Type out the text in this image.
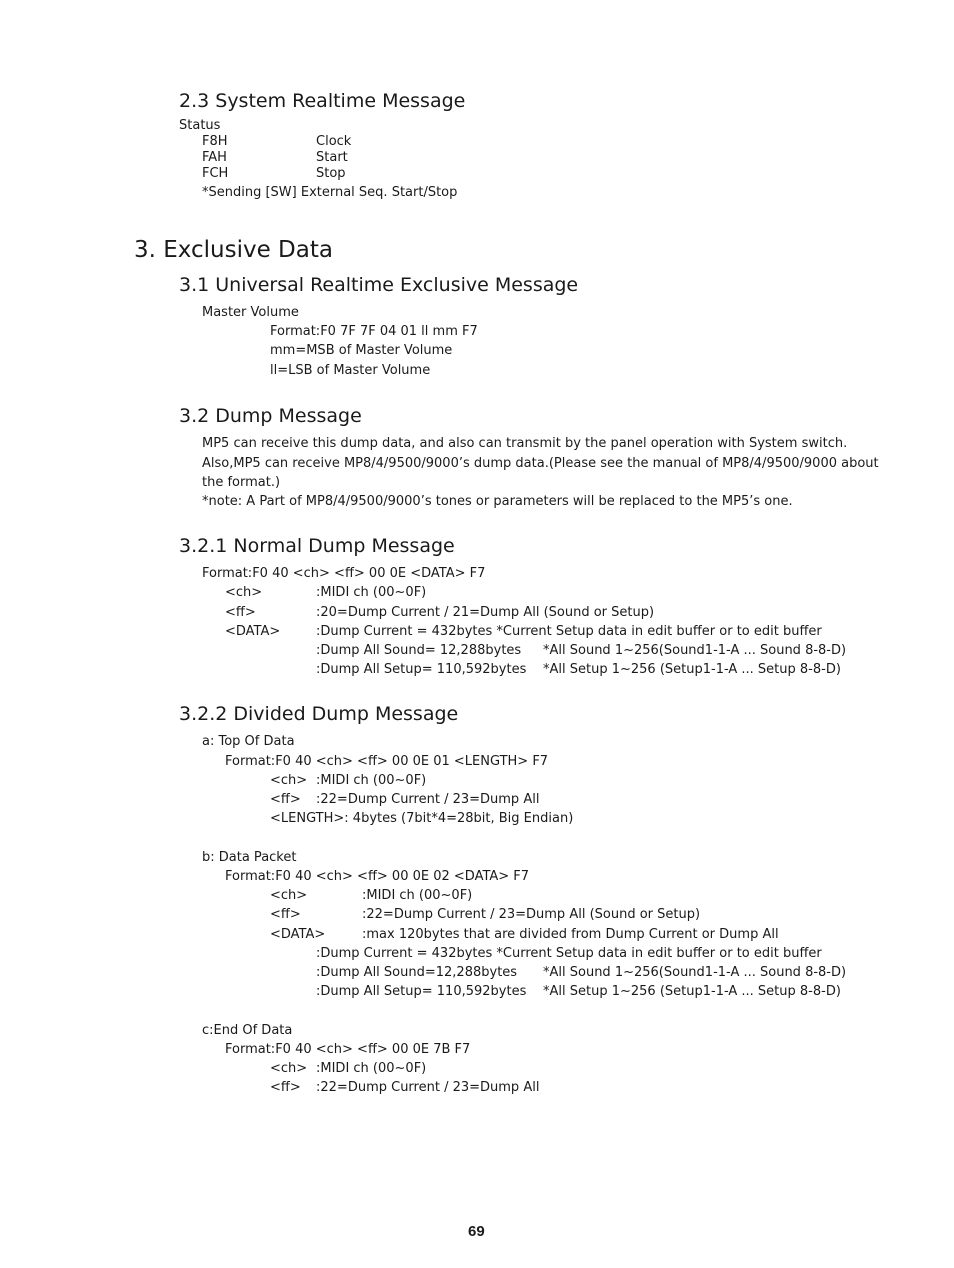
2.3 System Realtime Message
Status
F8H	Clock
FAH	Start
FCH	Stop
*Sending [SW] External Seq. Start/Stop
3. Exclusive Data
3.1 Universal Realtime Exclusive Message
Master Volume
Format:F0 7F 7F 04 01 ll mm F7
mm=MSB of Master Volume
ll=LSB of Master Volume
3.2 Dump Message
MP5 can receive this dump data, and also can transmit by the panel operation with System switch.
Also,MP5 can receive MP8/4/9500/9000’s dump data.(Please see the manual of MP8/4/9500/9000 about
the format.)
*note: A Part of MP8/4/9500/9000’s tones or parameters will be replaced to the MP5’s one.
3.2.1 Normal Dump Message
Format:F0 40 <ch> <ff> 00 0E <DATA> F7
<ch>	:MIDI ch (00~0F)
<ff>	:20=Dump Current / 21=Dump All (Sound or Setup)
<DATA>	:Dump Current = 432bytes *Current Setup data in edit buffer or to edit buffer
:Dump All Sound= 12,288bytes *All Sound 1~256(Sound1-1-A ... Sound 8-8-D)
:Dump All Setup= 110,592bytes *All Setup 1~256 (Setup1-1-A ... Setup 8-8-D)
3.2.2 Divided Dump Message
a: Top Of Data
Format:F0 40 <ch> <ff> 00 0E 01 <LENGTH> F7
<ch> :MIDI ch (00~0F)
<ff> :22=Dump Current / 23=Dump All
<LENGTH>: 4bytes (7bit*4=28bit, Big Endian)
b: Data Packet
Format:F0 40 <ch> <ff> 00 0E 02 <DATA> F7
<ch>	:MIDI ch (00~0F)
<ff>	:22=Dump Current / 23=Dump All (Sound or Setup)
<DATA>	:max 120bytes that are divided from Dump Current or Dump All
:Dump Current = 432bytes *Current Setup data in edit buffer or to edit buffer
:Dump All Sound=12,288bytes *All Sound 1~256(Sound1-1-A ... Sound 8-8-D)
:Dump All Setup= 110,592bytes *All Setup 1~256 (Setup1-1-A ... Setup 8-8-D)
c:End Of Data
Format:F0 40 <ch> <ff> 00 0E 7B F7
<ch> :MIDI ch (00~0F)
<ff> :22=Dump Current / 23=Dump All
69
